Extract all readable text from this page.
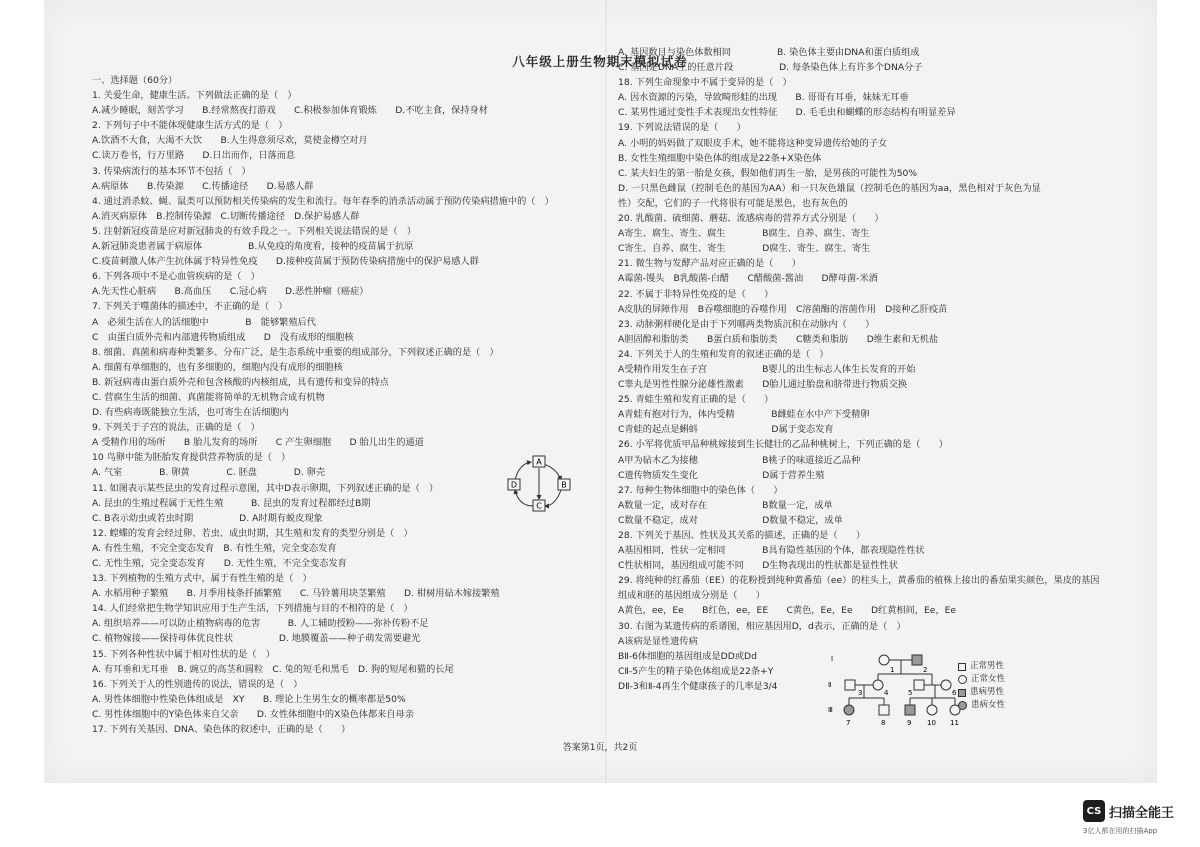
八年级上册生物期末模拟试卷
一、选择题（60分）
1. 关爱生命，健康生活。下列做法正确的是（　）
A.减少睡眠，刻苦学习　　B.经常熬夜打游戏　　C.积极参加体育锻炼　　D.不吃主食，保持身材
2. 下列句子中不能体现健康生活方式的是（　）
A.饮酒不大食，大渴不大饮　　B.人生得意须尽欢，莫使金樽空对月
C.读万卷书，行万里路　　D.日出而作，日落而息
3. 传染病流行的基本环节不包括（　）
A.病原体　　B.传染源　　C.传播途径　　D.易感人群
4. 通过消杀蚊、蝇、鼠类可以预防相关传染病的发生和流行。每年春季的消杀活动属于预防传染病措施中的（　）
A.消灭病原体　B.控制传染源　C.切断传播途径　D.保护易感人群
5. 注射新冠疫苗是应对新冠肺炎的有效手段之一。下列相关说法错误的是（　）
A.新冠肺炎患者属于病原体　　　　　B.从免疫的角度看，接种的疫苗属于抗原
C.疫苗刺激人体产生抗体属于特异性免疫　　D.接种疫苗属于预防传染病措施中的保护易感人群
6. 下列各项中不是心血管疾病的是（　）
A.先天性心脏病　　B.高血压　　C.冠心病　　D.恶性肿瘤（癌症）
7. 下列关于噬菌体的描述中，不正确的是（　）
A　必须生活在人的活细胞中　　　　B　能够繁殖后代
C　由蛋白质外壳和内部遗传物质组成　　D　没有成形的细胞核
8. 细菌、真菌和病毒种类繁多、分布广泛，是生态系统中重要的组成部分，下列叙述正确的是（　）
A. 细菌有单细胞的，也有多细胞的，细胞内没有成形的细胞核
B. 新冠病毒由蛋白质外壳和包含核酸的内核组成，具有遗传和变异的特点
C. 营腐生生活的细菌、真菌能将简单的无机物合成有机物
D. 有些病毒既能独立生活，也可寄生在活细胞内
9. 下列关于子宫的说法，正确的是（　）
A 受精作用的场所　　B 胎儿发育的场所　　C 产生卵细胞　　D 胎儿出生的通道
10 鸟卵中能为胚胎发育提供营养物质的是（　）
A. 气室　　　　B. 卵黄　　　　C. 胚盘　　　　D. 卵壳
11. 如图表示某些昆虫的发育过程示意图，其中D表示卵期，下列叙述正确的是（　）
A. 昆虫的生殖过程属于无性生殖　　　B. 昆虫的发育过程都经过B期
C. B表示幼虫或若虫时期　　　　　D. A时期有蜕皮现象
12. 蝗蝶的发育会经过卵、若虫、成虫时期，其生殖和发育的类型分别是（　）
A. 有性生殖，不完全变态发育　B. 有性生殖，完全变态发育
C. 无性生殖，完全变态发育　　D. 无性生殖，不完全变态发育
13. 下列植物的生殖方式中，属于有性生殖的是（　）
A. 水稻用种子繁殖　　B. 月季用枝条扦插繁殖　　C. 马铃薯用块茎繁殖　　D. 柑树用砧木嫁接繁殖
14. 人们经常把生物学知识应用于生产生活，下列措施与目的不相符的是（　）
A. 组织培养——可以防止植物病毒的危害　　　B. 人工辅助授粉——弥补传粉不足
C. 植物嫁接——保持母体优良性状　　　　　D. 地膜覆盖——种子萌发需要避光
15. 下列各种性状中属于相对性状的是（　）
A. 有耳垂和无耳垂　B. 豌豆的高茎和圆粒　C. 兔的短毛和黑毛　D. 狗的短尾和猫的长尾
16. 下列关于人的性别遗传的说法，错误的是（　）
A. 男性体细胞中性染色体组成是　XY　　B. 理论上生男生女的概率都是50%
C. 男性体细胞中的Y染色体来自父亲　　D. 女性体细胞中的X染色体都来自母亲
17. 下列有关基因、DNA、染色体的叙述中，正确的是（　　）
A. 基因数目与染色体数相同　　　　　B. 染色体主要由DNA和蛋白质组成
C. 基因是DNA上的任意片段　　　　　D. 每条染色体上有许多个DNA分子
18. 下列生命现象中不属于变异的是（　）
A. 因水资源的污染，导致畸形蛙的出现　　B. 哥哥有耳垂，妹妹无耳垂
C. 某男性通过变性手术表现出女性特征　　D. 毛毛虫和蝴蝶的形态结构有明显差异
19. 下列说法错误的是（　　）
A. 小明的妈妈做了双眼皮手术，她不能将这种变异遗传给她的子女
B. 女性生殖细胞中染色体的组成是22条+X染色体
C. 某夫妇生的第一胎是女孩，假如他们再生一胎，是男孩的可能性为50%
D. 一只黑色雌鼠（控制毛色的基因为AA）和一只灰色雄鼠（控制毛色的基因为aa，黑色相对于灰色为显
性）交配，它们的子一代将很有可能是黑色，也有灰色的
20. 乳酸菌、硫细菌、蘑菇、流感病毒的营养方式分别是（　　）
A寄生、腐生、寄生、腐生　　　　B腐生、自养、腐生、寄生
C寄生、自养、腐生、寄生　　　　D腐生、寄生、腐生、寄生
21. 微生物与发酵产品对应正确的是（　　）
A霉菌-馒头　B乳酸菌-白醋　　C醋酸菌-酱油　　D酵母菌-米酒
22. 不属于非特异性免疫的是（　　）
A皮肤的屏障作用　B吞噬细胞的吞噬作用　C溶菌酶的溶菌作用　D接种乙肝疫苗
23. 动脉粥样硬化是由于下列哪两类物质沉积在动脉内（　　）
A胆固醇和脂肪类　　B蛋白质和脂肪类　　C糖类和脂肪　　D维生素和无机盐
24. 下列关于人的生殖和发育的叙述正确的是（　）
A受精作用发生在子宫　　　　　　B婴儿的出生标志人体生长发育的开始
C睾丸是男性性腺分泌雄性激素　　D胎儿通过胎盘和脐带进行物质交换
25. 青蛙生殖和发育正确的是（　　）
A青蛙有抱对行为，体内受精　　　　B雌蛙在水中产下受精卵
C青蛙的起点是蝌蚪　　　　　　　　D属于变态发育
26. 小军将优质甲品种桃嫁接到生长健壮的乙品种桃树上，下列正确的是（　　）
A甲为砧木乙为接穗　　　　　　　B桃子的味道接近乙品种
C遗传物质发生变化　　　　　　　D属于营养生殖
27. 每种生物体细胞中的染色体（　　）
A数量一定，成对存在　　　　　　B数量一定，成单
C数量不稳定，成对　　　　　　　D数量不稳定，成单
28. 下列关于基因、性状及其关系的描述，正确的是（　　）
A基因相同，性状一定相同　　　　B具有隐性基因的个体，都表现隐性性状
C性状相同，基因组成可能不同　　D生物表现出的性状都是显性性状
29. 将纯种的红番茄（EE）的花粉授到纯种黄番茄（ee）的柱头上，黄番茄的植株上接出的番茄果实颜色，果皮的基因
组成和胚的基因组成分别是（　　）
A黄色，ee，Ee　　B红色，ee，EE　　C黄色，Ee，Ee　　D红黄相间，Ee，Ee
30. 右图为某遗传病的系谱图，相应基因用D，d表示，正确的是（　）
A该病是显性遗传病
BⅡ-6体细胞的基因组成是DD或Dd
CⅡ-5产生的精子染色体组成是22条+Y
DⅡ-3和Ⅱ-4再生个健康孩子的几率是3/4
A
B
C
D
Ⅰ
Ⅱ
Ⅲ
1	2
3	4	5	6
7	8	9 10 11
正常男性
正常女性
患病男性
患病女性
答案第1页，共2页
CS 扫描全能王
3亿人都在用的扫描App
